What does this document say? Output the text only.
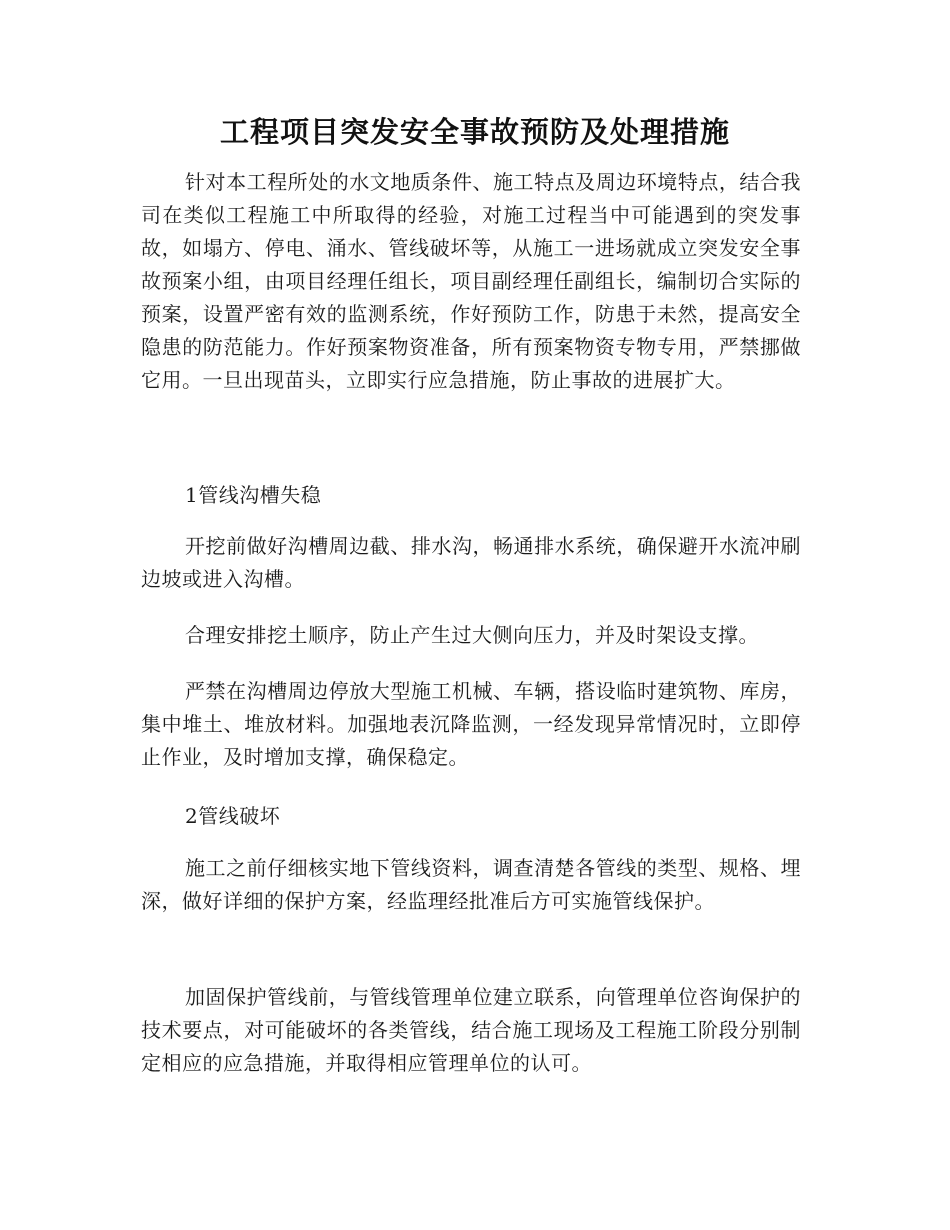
工程项目突发安全事故预防及处理措施

针对本工程所处的水文地质条件、施工特点及周边环境特点，结合我司在类似工程施工中所取得的经验，对施工过程当中可能遇到的突发事故，如塌方、停电、涌水、管线破坏等，从施工一进场就成立突发安全事故预案小组，由项目经理任组长，项目副经理任副组长，编制切合实际的预案，设置严密有效的监测系统，作好预防工作，防患于未然，提高安全隐患的防范能力。作好预案物资准备，所有预案物资专物专用，严禁挪做它用。一旦出现苗头，立即实行应急措施，防止事故的进展扩大。

1管线沟槽失稳

开挖前做好沟槽周边截、排水沟，畅通排水系统，确保避开水流冲刷边坡或进入沟槽。

合理安排挖土顺序，防止产生过大侧向压力，并及时架设支撑。

严禁在沟槽周边停放大型施工机械、车辆，搭设临时建筑物、库房，集中堆土、堆放材料。加强地表沉降监测，一经发现异常情况时，立即停止作业，及时增加支撑，确保稳定。

2管线破坏

施工之前仔细核实地下管线资料，调查清楚各管线的类型、规格、埋深，做好详细的保护方案，经监理经批准后方可实施管线保护。

加固保护管线前，与管线管理单位建立联系，向管理单位咨询保护的技术要点，对可能破坏的各类管线，结合施工现场及工程施工阶段分别制定相应的应急措施，并取得相应管理单位的认可。
